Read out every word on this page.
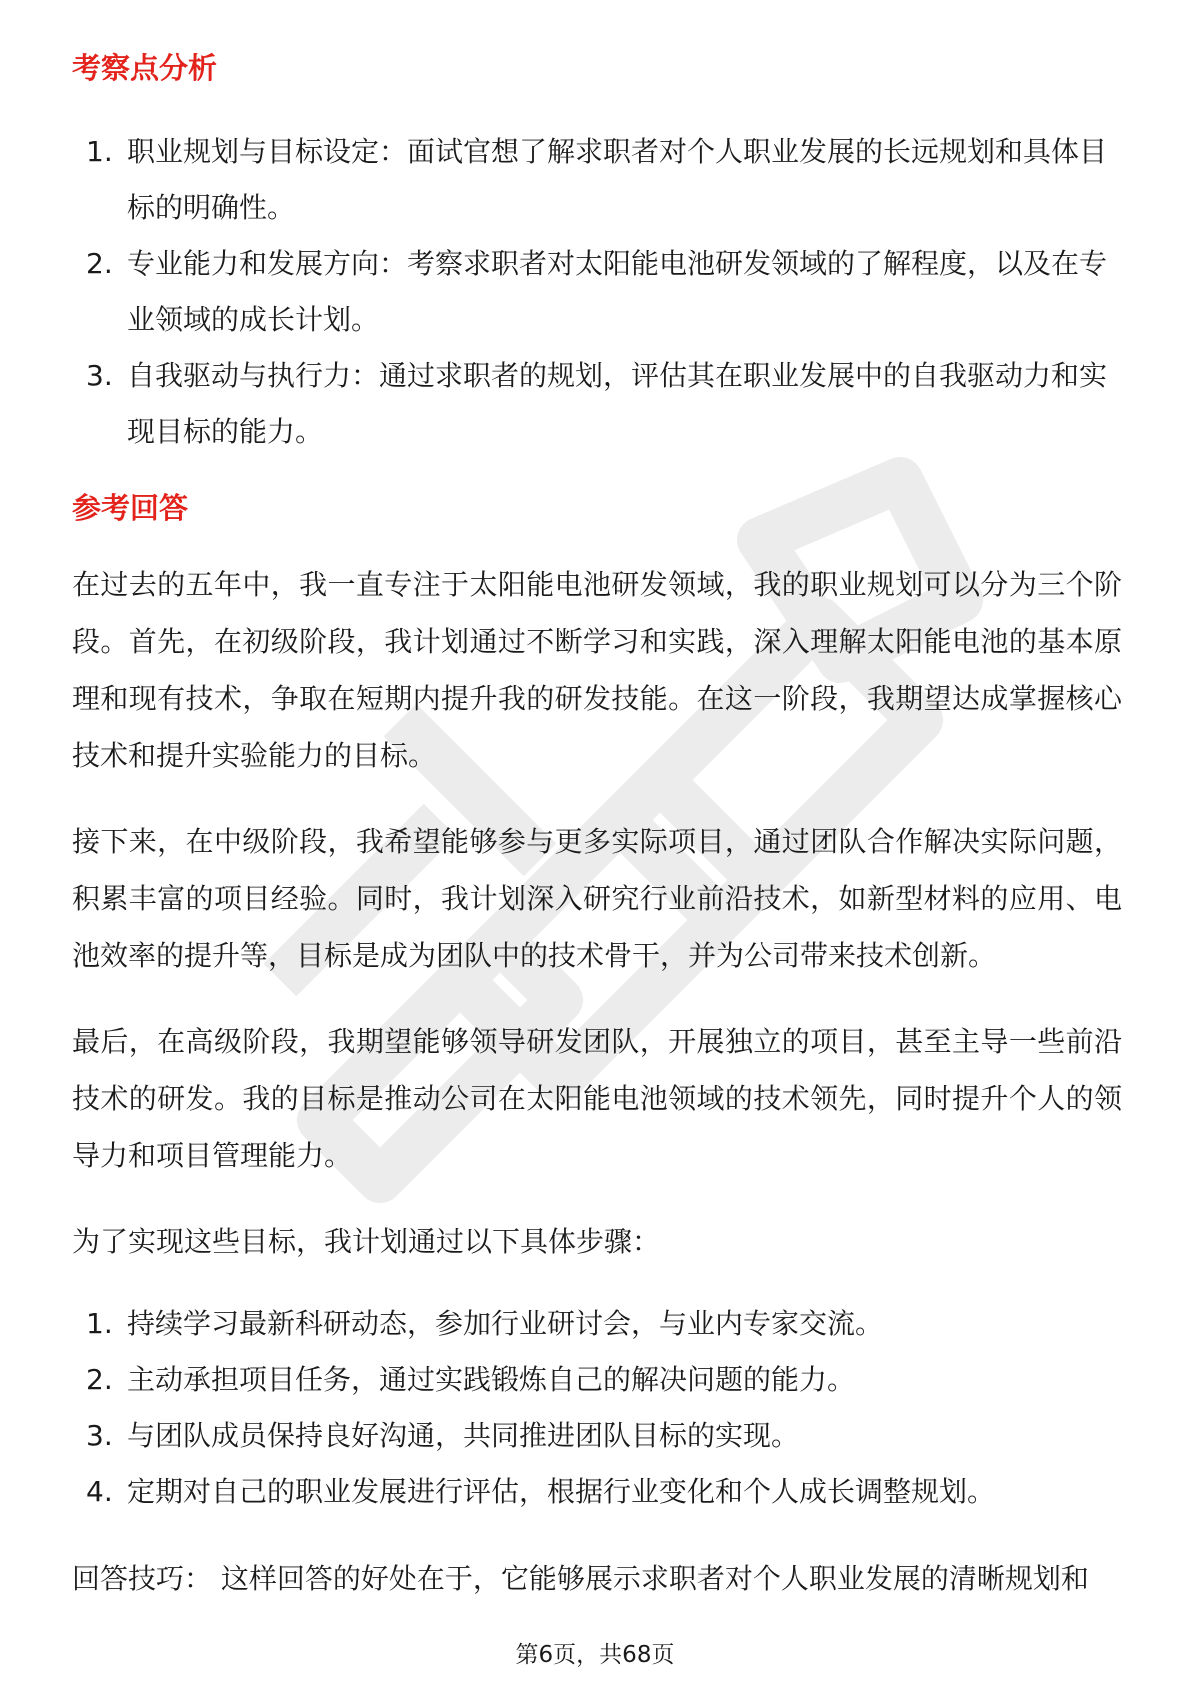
考察点分析
1. 职业规划与目标设定：面试官想了解求职者对个人职业发展的长远规划和具体目标的明确性。
2. 专业能力和发展方向：考察求职者对太阳能电池研发领域的了解程度，以及在专业领域的成长计划。
3. 自我驱动与执行力：通过求职者的规划，评估其在职业发展中的自我驱动力和实现目标的能力。
参考回答

在过去的五年中，我一直专注于太阳能电池研发领域，我的职业规划可以分为三个阶段。首先，在初级阶段，我计划通过不断学习和实践，深入理解太阳能电池的基本原理和现有技术，争取在短期内提升我的研发技能。在这一阶段，我期望达成掌握核心技术和提升实验能力的目标。

接下来，在中级阶段，我希望能够参与更多实际项目，通过团队合作解决实际问题，积累丰富的项目经验。同时，我计划深入研究行业前沿技术，如新型材料的应用、电池效率的提升等，目标是成为团队中的技术骨干，并为公司带来技术创新。

最后，在高级阶段，我期望能够领导研发团队，开展独立的项目，甚至主导一些前沿技术的研发。我的目标是推动公司在太阳能电池领域的技术领先，同时提升个人的领导力和项目管理能力。

为了实现这些目标，我计划通过以下具体步骤：

1. 持续学习最新科研动态，参加行业研讨会，与业内专家交流。
2. 主动承担项目任务，通过实践锻炼自己的解决问题的能力。
3. 与团队成员保持良好沟通，共同推进团队目标的实现。
4. 定期对自己的职业发展进行评估，根据行业变化和个人成长调整规划。

回答技巧： 这样回答的好处在于，它能够展示求职者对个人职业发展的清晰规划和

第6页，共68页
